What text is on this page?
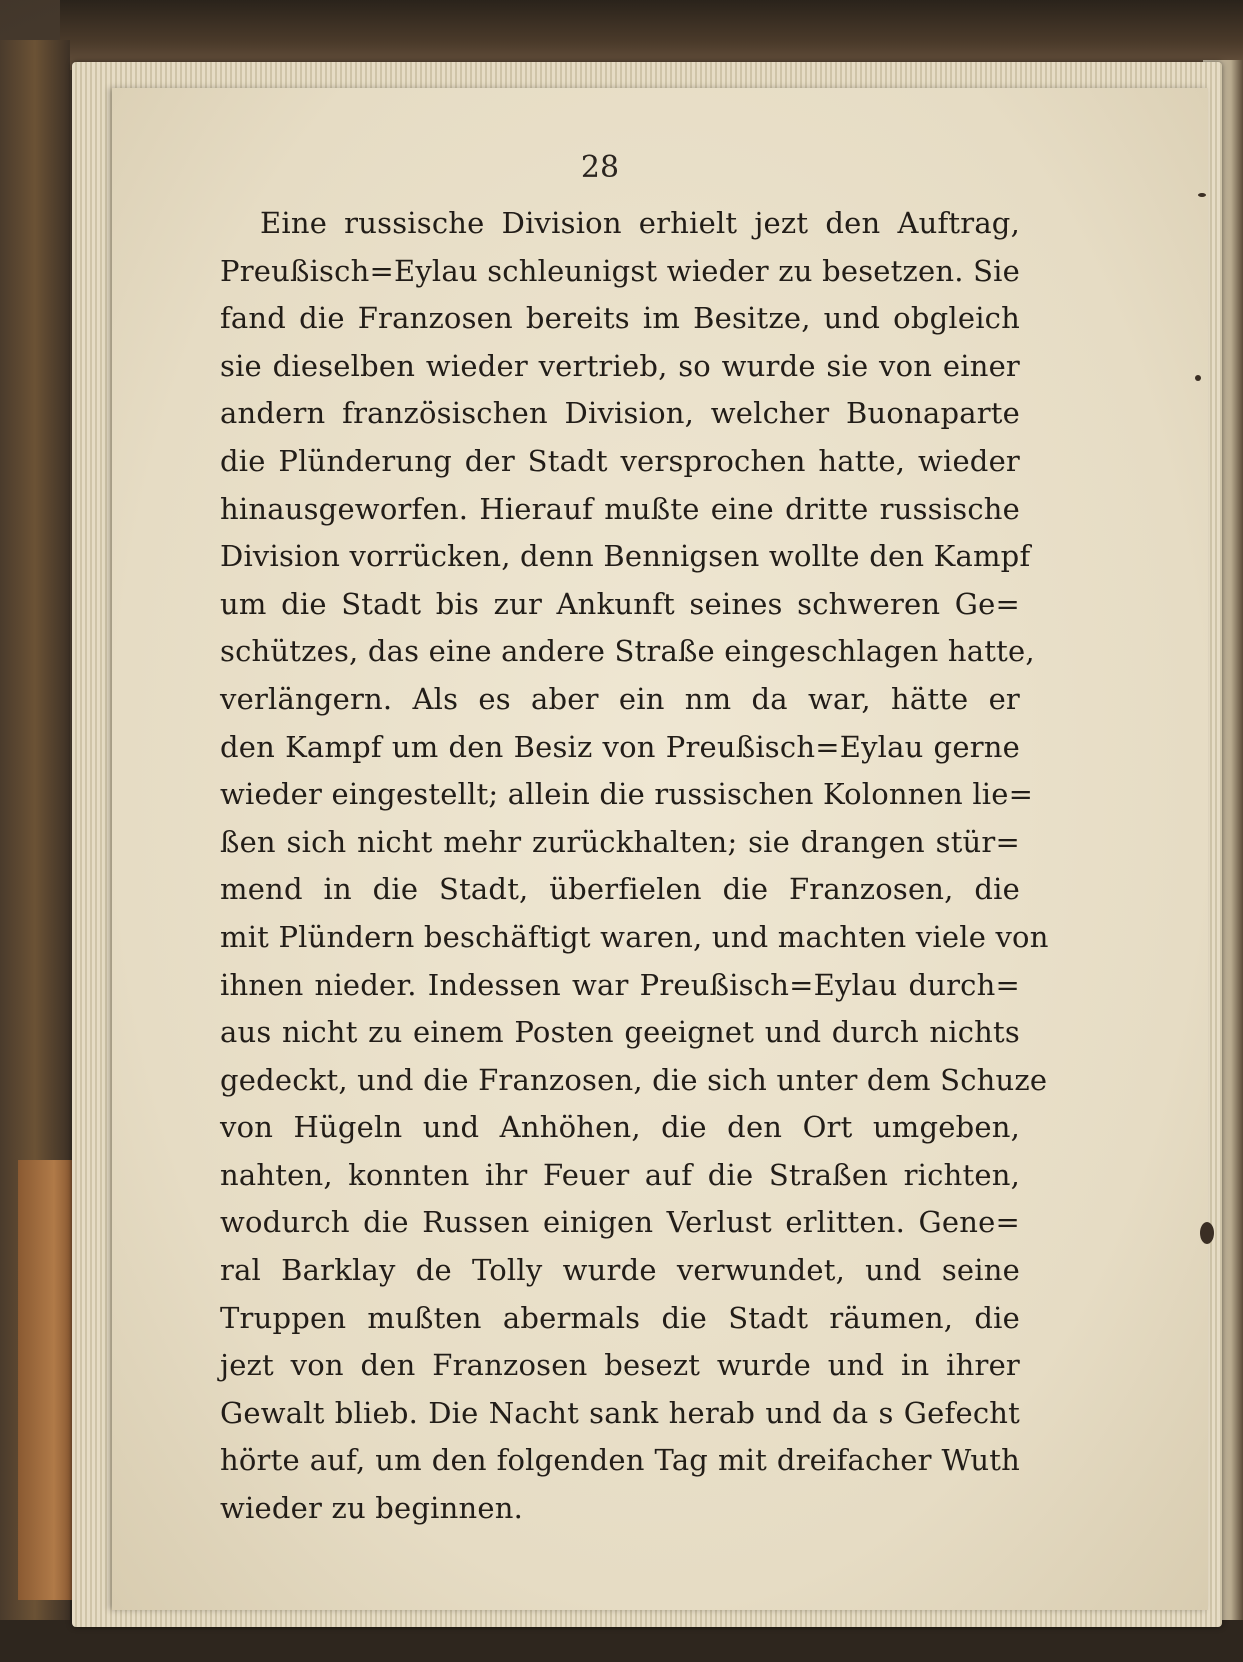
28
Eine russische Division erhielt jezt den Auftrag,
Preußisch=Eylau schleunigst wieder zu besetzen. Sie
fand die Franzosen bereits im Besitze, und obgleich
sie dieselben wieder vertrieb, so wurde sie von einer
andern französischen Division, welcher Buonaparte
die Plünderung der Stadt versprochen hatte, wieder
hinausgeworfen. Hierauf mußte eine dritte russische
Division vorrücken, denn Bennigsen wollte den Kampf
um die Stadt bis zur Ankunft seines schweren Ge=
schützes, das eine andere Straße eingeschlagen hatte,
verlängern. Als es aber ein nm da war, hätte er
den Kampf um den Besiz von Preußisch=Eylau gerne
wieder eingestellt; allein die russischen Kolonnen lie=
ßen sich nicht mehr zurückhalten; sie drangen stür=
mend in die Stadt, überfielen die Franzosen, die
mit Plündern beschäftigt waren, und machten viele von
ihnen nieder. Indessen war Preußisch=Eylau durch=
aus nicht zu einem Posten geeignet und durch nichts
gedeckt, und die Franzosen, die sich unter dem Schuze
von Hügeln und Anhöhen, die den Ort umgeben,
nahten, konnten ihr Feuer auf die Straßen richten,
wodurch die Russen einigen Verlust erlitten. Gene=
ral Barklay de Tolly wurde verwundet, und seine
Truppen mußten abermals die Stadt räumen, die
jezt von den Franzosen besezt wurde und in ihrer
Gewalt blieb. Die Nacht sank herab und da s Gefecht
hörte auf, um den folgenden Tag mit dreifacher Wuth
wieder zu beginnen.
